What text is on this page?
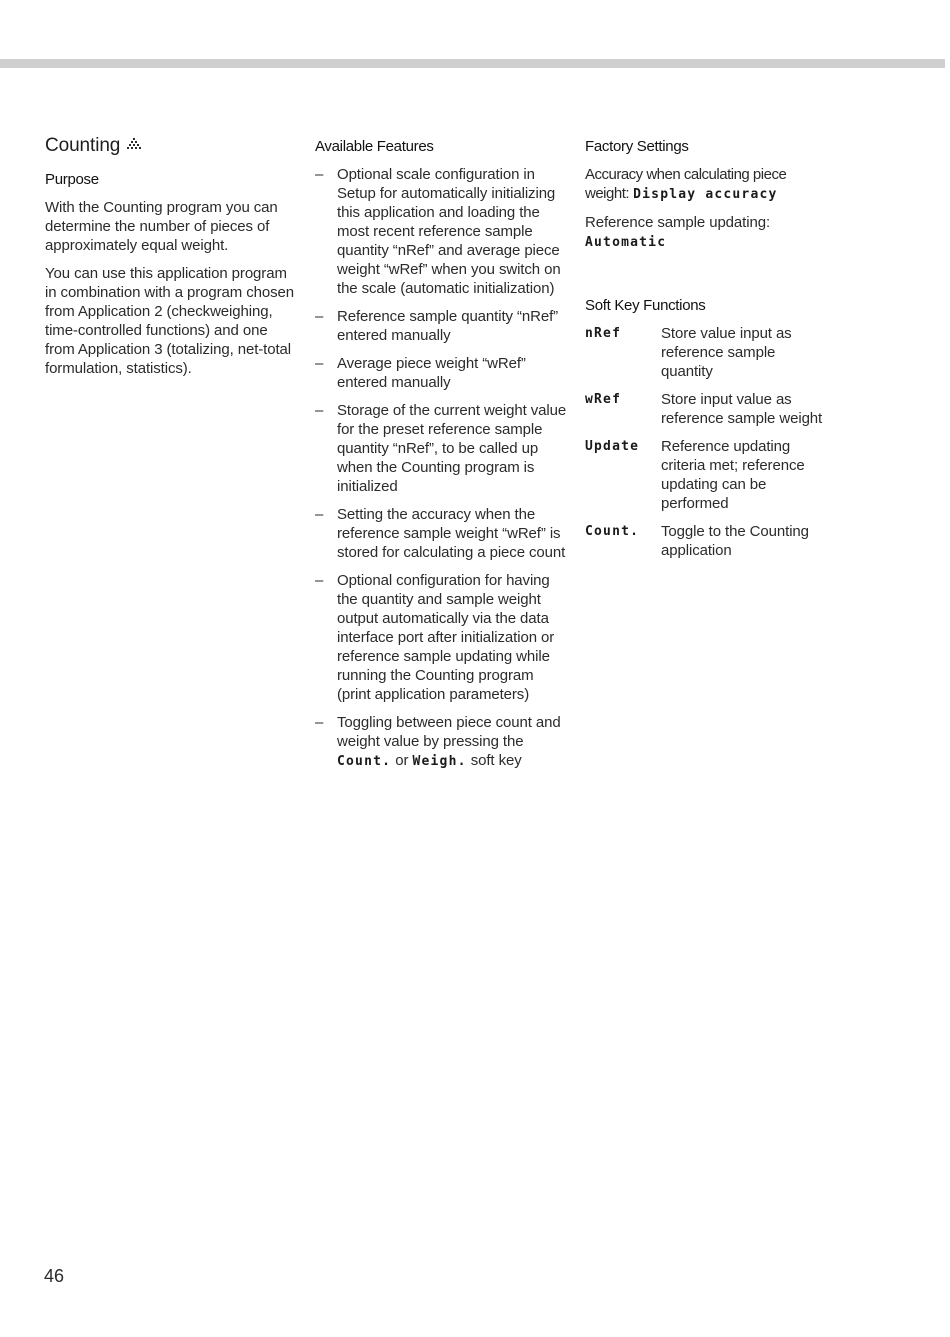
Counting
Purpose

With the Counting program you can determine the number of pieces of approximately equal weight.

You can use this application program in combination with a program chosen from Application 2 (checkweighing, time-controlled functions) and one from Application 3 (totalizing, net-total formulation, statistics).

Available Features
– Optional scale configuration in Setup for automatically initializing this application and loading the most recent reference sample quantity “nRef” and average piece weight “wRef” when you switch on the scale (automatic initialization)
– Reference sample quantity “nRef” entered manually
– Average piece weight “wRef” entered manually
– Storage of the current weight value for the preset reference sample quantity “nRef”, to be called up when the Counting program is initialized
– Setting the accuracy when the reference sample weight “wRef” is stored for calculating a piece count
– Optional configuration for having the quantity and sample weight output automatically via the data interface port after initialization or reference sample updating while running the Counting program (print application parameters)
– Toggling between piece count and weight value by pressing the
Count. or Weigh. soft key
Factory Settings
Accuracy when calculating piece weight: Display accuracy
Reference sample updating:
Automatic
Soft Key Functions
nRef	Store value input as reference sample quantity
wRef	Store input value as reference sample weight
Update	Reference updating criteria met; reference updating can be performed
Count.	Toggle to the Counting application
46
